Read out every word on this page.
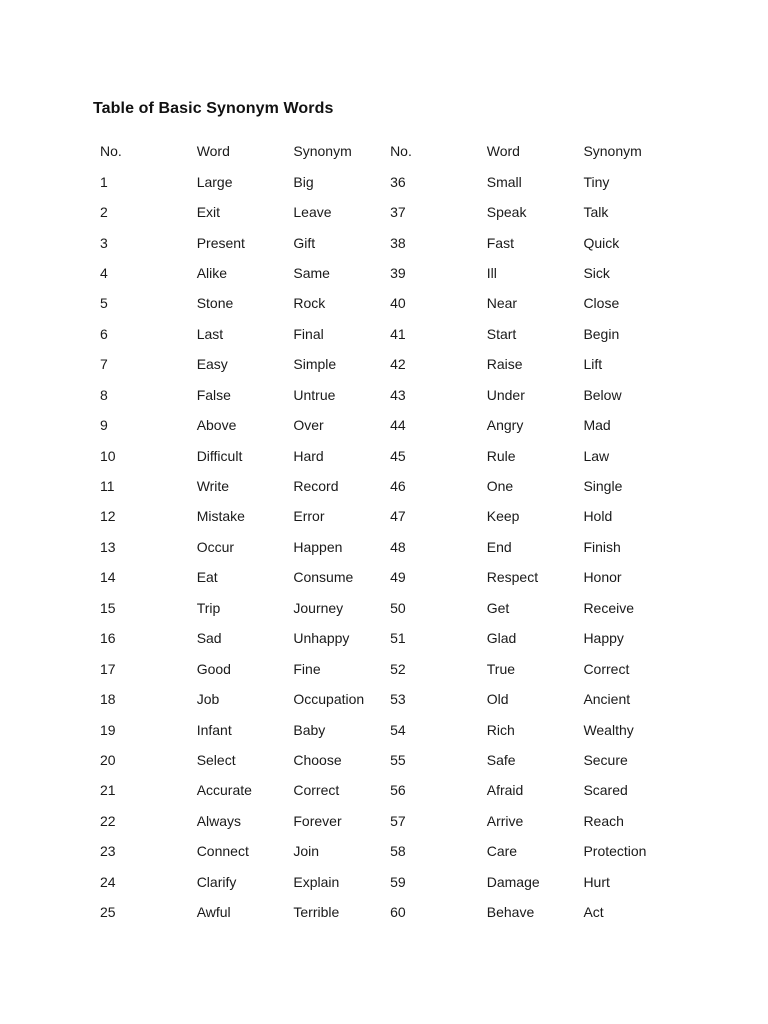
Table of Basic Synonym Words
No.	Word	Synonym	No.	Word	Synonym
1	Large	Big	36	Small	Tiny
2	Exit	Leave	37	Speak	Talk
3	Present	Gift	38	Fast	Quick
4	Alike	Same	39	Ill	Sick
5	Stone	Rock	40	Near	Close
6	Last	Final	41	Start	Begin
7	Easy	Simple	42	Raise	Lift
8	False	Untrue	43	Under	Below
9	Above	Over	44	Angry	Mad
10	Difficult	Hard	45	Rule	Law
11	Write	Record	46	One	Single
12	Mistake	Error	47	Keep	Hold
13	Occur	Happen	48	End	Finish
14	Eat	Consume	49	Respect	Honor
15	Trip	Journey	50	Get	Receive
16	Sad	Unhappy	51	Glad	Happy
17	Good	Fine	52	True	Correct
18	Job	Occupation	53	Old	Ancient
19	Infant	Baby	54	Rich	Wealthy
20	Select	Choose	55	Safe	Secure
21	Accurate	Correct	56	Afraid	Scared
22	Always	Forever	57	Arrive	Reach
23	Connect	Join	58	Care	Protection
24	Clarify	Explain	59	Damage	Hurt
25	Awful	Terrible	60	Behave	Act
